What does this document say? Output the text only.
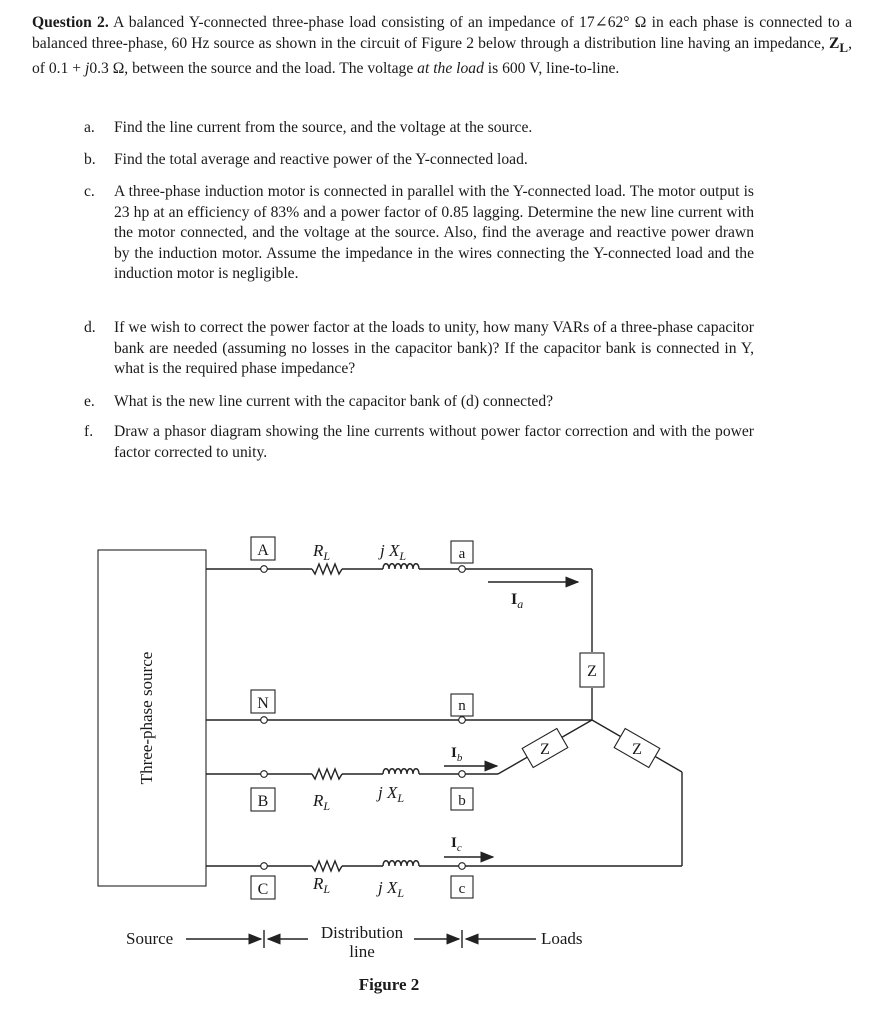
Question 2. A balanced Y-connected three-phase load consisting of an impedance of 17∠62° Ω in each phase is connected to a balanced three-phase, 60 Hz source as shown in the circuit of Figure 2 below through a distribution line having an impedance, $Z_L$, of 0.1 + j0.3 Ω, between the source and the load. The voltage at the load is 600 V, line-to-line.
a.	Find the line current from the source, and the voltage at the source.
b.	Find the total average and reactive power of the Y-connected load.
c.	A three-phase induction motor is connected in parallel with the Y-connected load. The motor output is 23 hp at an efficiency of 83% and a power factor of 0.85 lagging. Determine the new line current with the motor connected, and the voltage at the source. Also, find the average and reactive power drawn by the induction motor. Assume the impedance in the wires connecting the Y-connected load and the induction motor is negligible.
d.	If we wish to correct the power factor at the loads to unity, how many VARs of a three-phase capacitor bank are needed (assuming no losses in the capacitor bank)? If the capacitor bank is connected in Y, what is the required phase impedance?
e.	What is the new line current with the capacitor bank of (d) connected?
f.	Draw a phasor diagram showing the line currents without power factor correction and with the power factor corrected to unity.
Three-phase source	Z
Z	Z
A	a
N	n
B	b
C	c
$R_L$	j $X_L$
$R_L$
j $X_L$
$R_L$	j $X_L$
$I_a$
$I_b$
$I_c$
Source	Distribution
line
Loads
Figure 2
